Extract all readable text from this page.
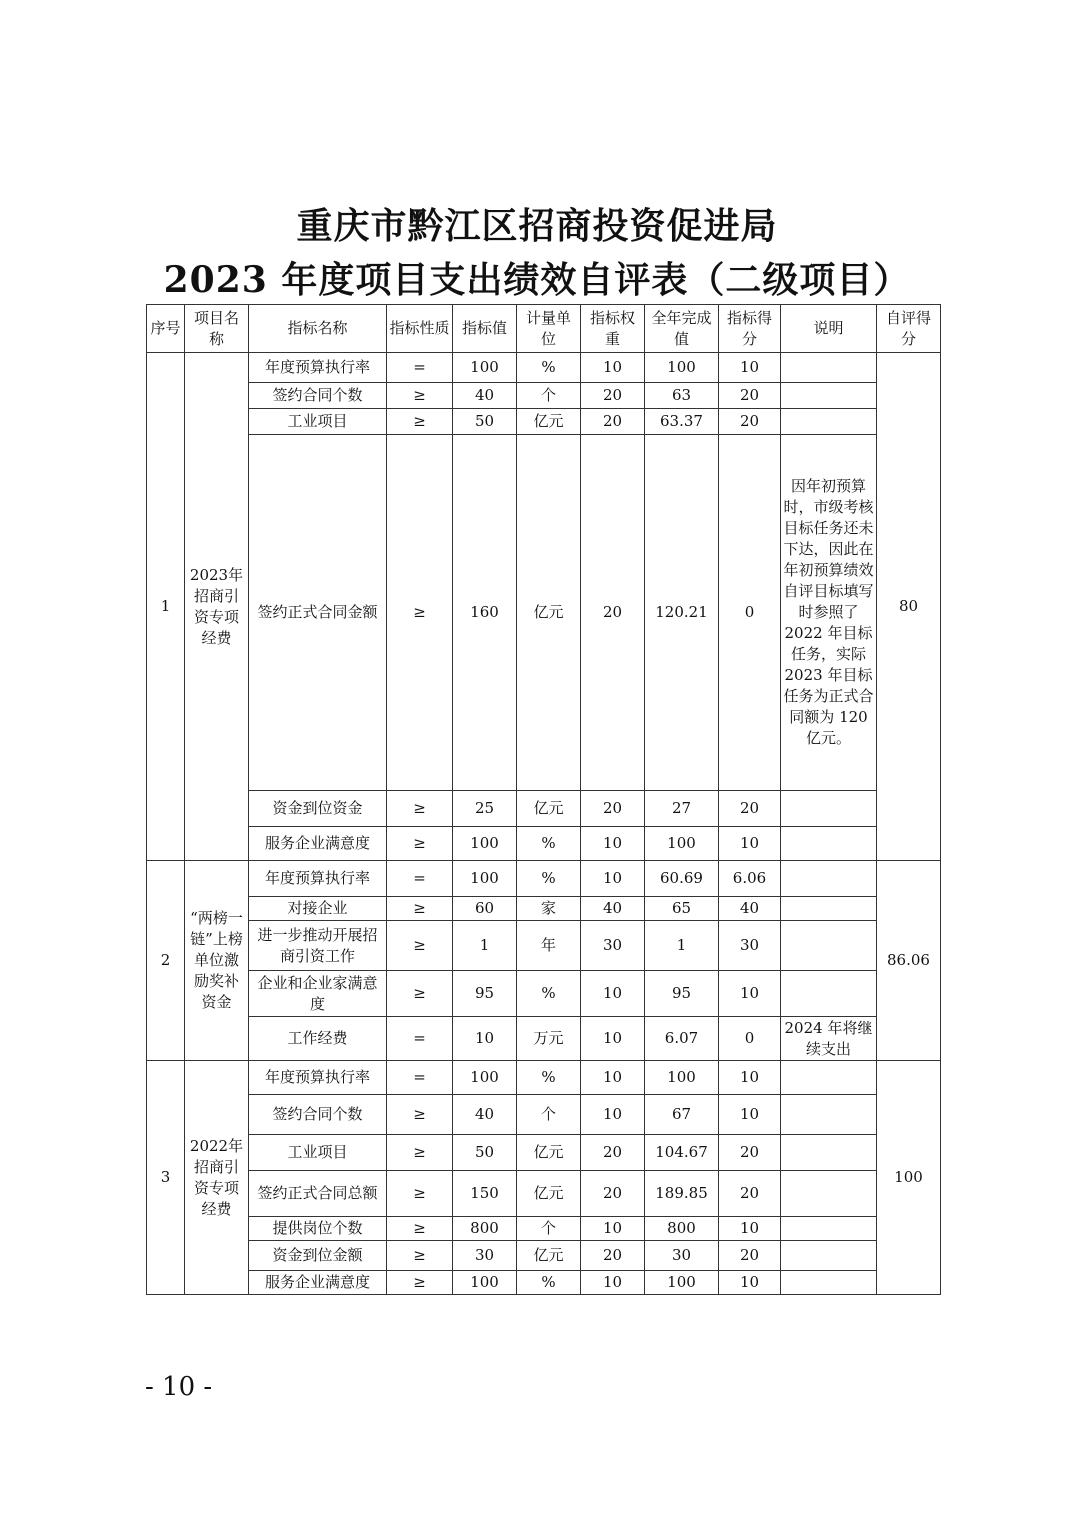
重庆市黔江区招商投资促进局
2023 年度项目支出绩效自评表（二级项目）
序号	项目名称	指标名称	指标性质	指标值	计量单位	指标权重	全年完成值	指标得分	说明	自评得分
1	2023年招商引资专项经费	年度预算执行率	=	100	%	10	100	10		80
		签约合同个数	≥	40	个	20	63	20		
		工业项目	≥	50	亿元	20	63.37	20		
		签约正式合同金额	≥	160	亿元	20	120.21	0	因年初预算时，市级考核目标任务还未下达，因此在年初预算绩效自评目标填写时参照了 2022 年目标任务，实际 2023 年目标任务为正式合同额为 120 亿元。	
		资金到位资金	≥	25	亿元	20	27	20		
		服务企业满意度	≥	100	%	10	100	10		
2	“两榜一链”上榜单位激励奖补资金	年度预算执行率	=	100	%	10	60.69	6.06		86.06
		对接企业	≥	60	家	40	65	40		
		进一步推动开展招商引资工作	≥	1	年	30	1	30		
		企业和企业家满意度	≥	95	%	10	95	10		
		工作经费	=	10	万元	10	6.07	0	2024 年将继续支出	
3	2022年招商引资专项经费	年度预算执行率	=	100	%	10	100	10		100
		签约合同个数	≥	40	个	10	67	10		
		工业项目	≥	50	亿元	20	104.67	20		
		签约正式合同总额	≥	150	亿元	20	189.85	20		
		提供岗位个数	≥	800	个	10	800	10		
		资金到位金额	≥	30	亿元	20	30	20		
		服务企业满意度	≥	100	%	10	100	10		
- 10 -
